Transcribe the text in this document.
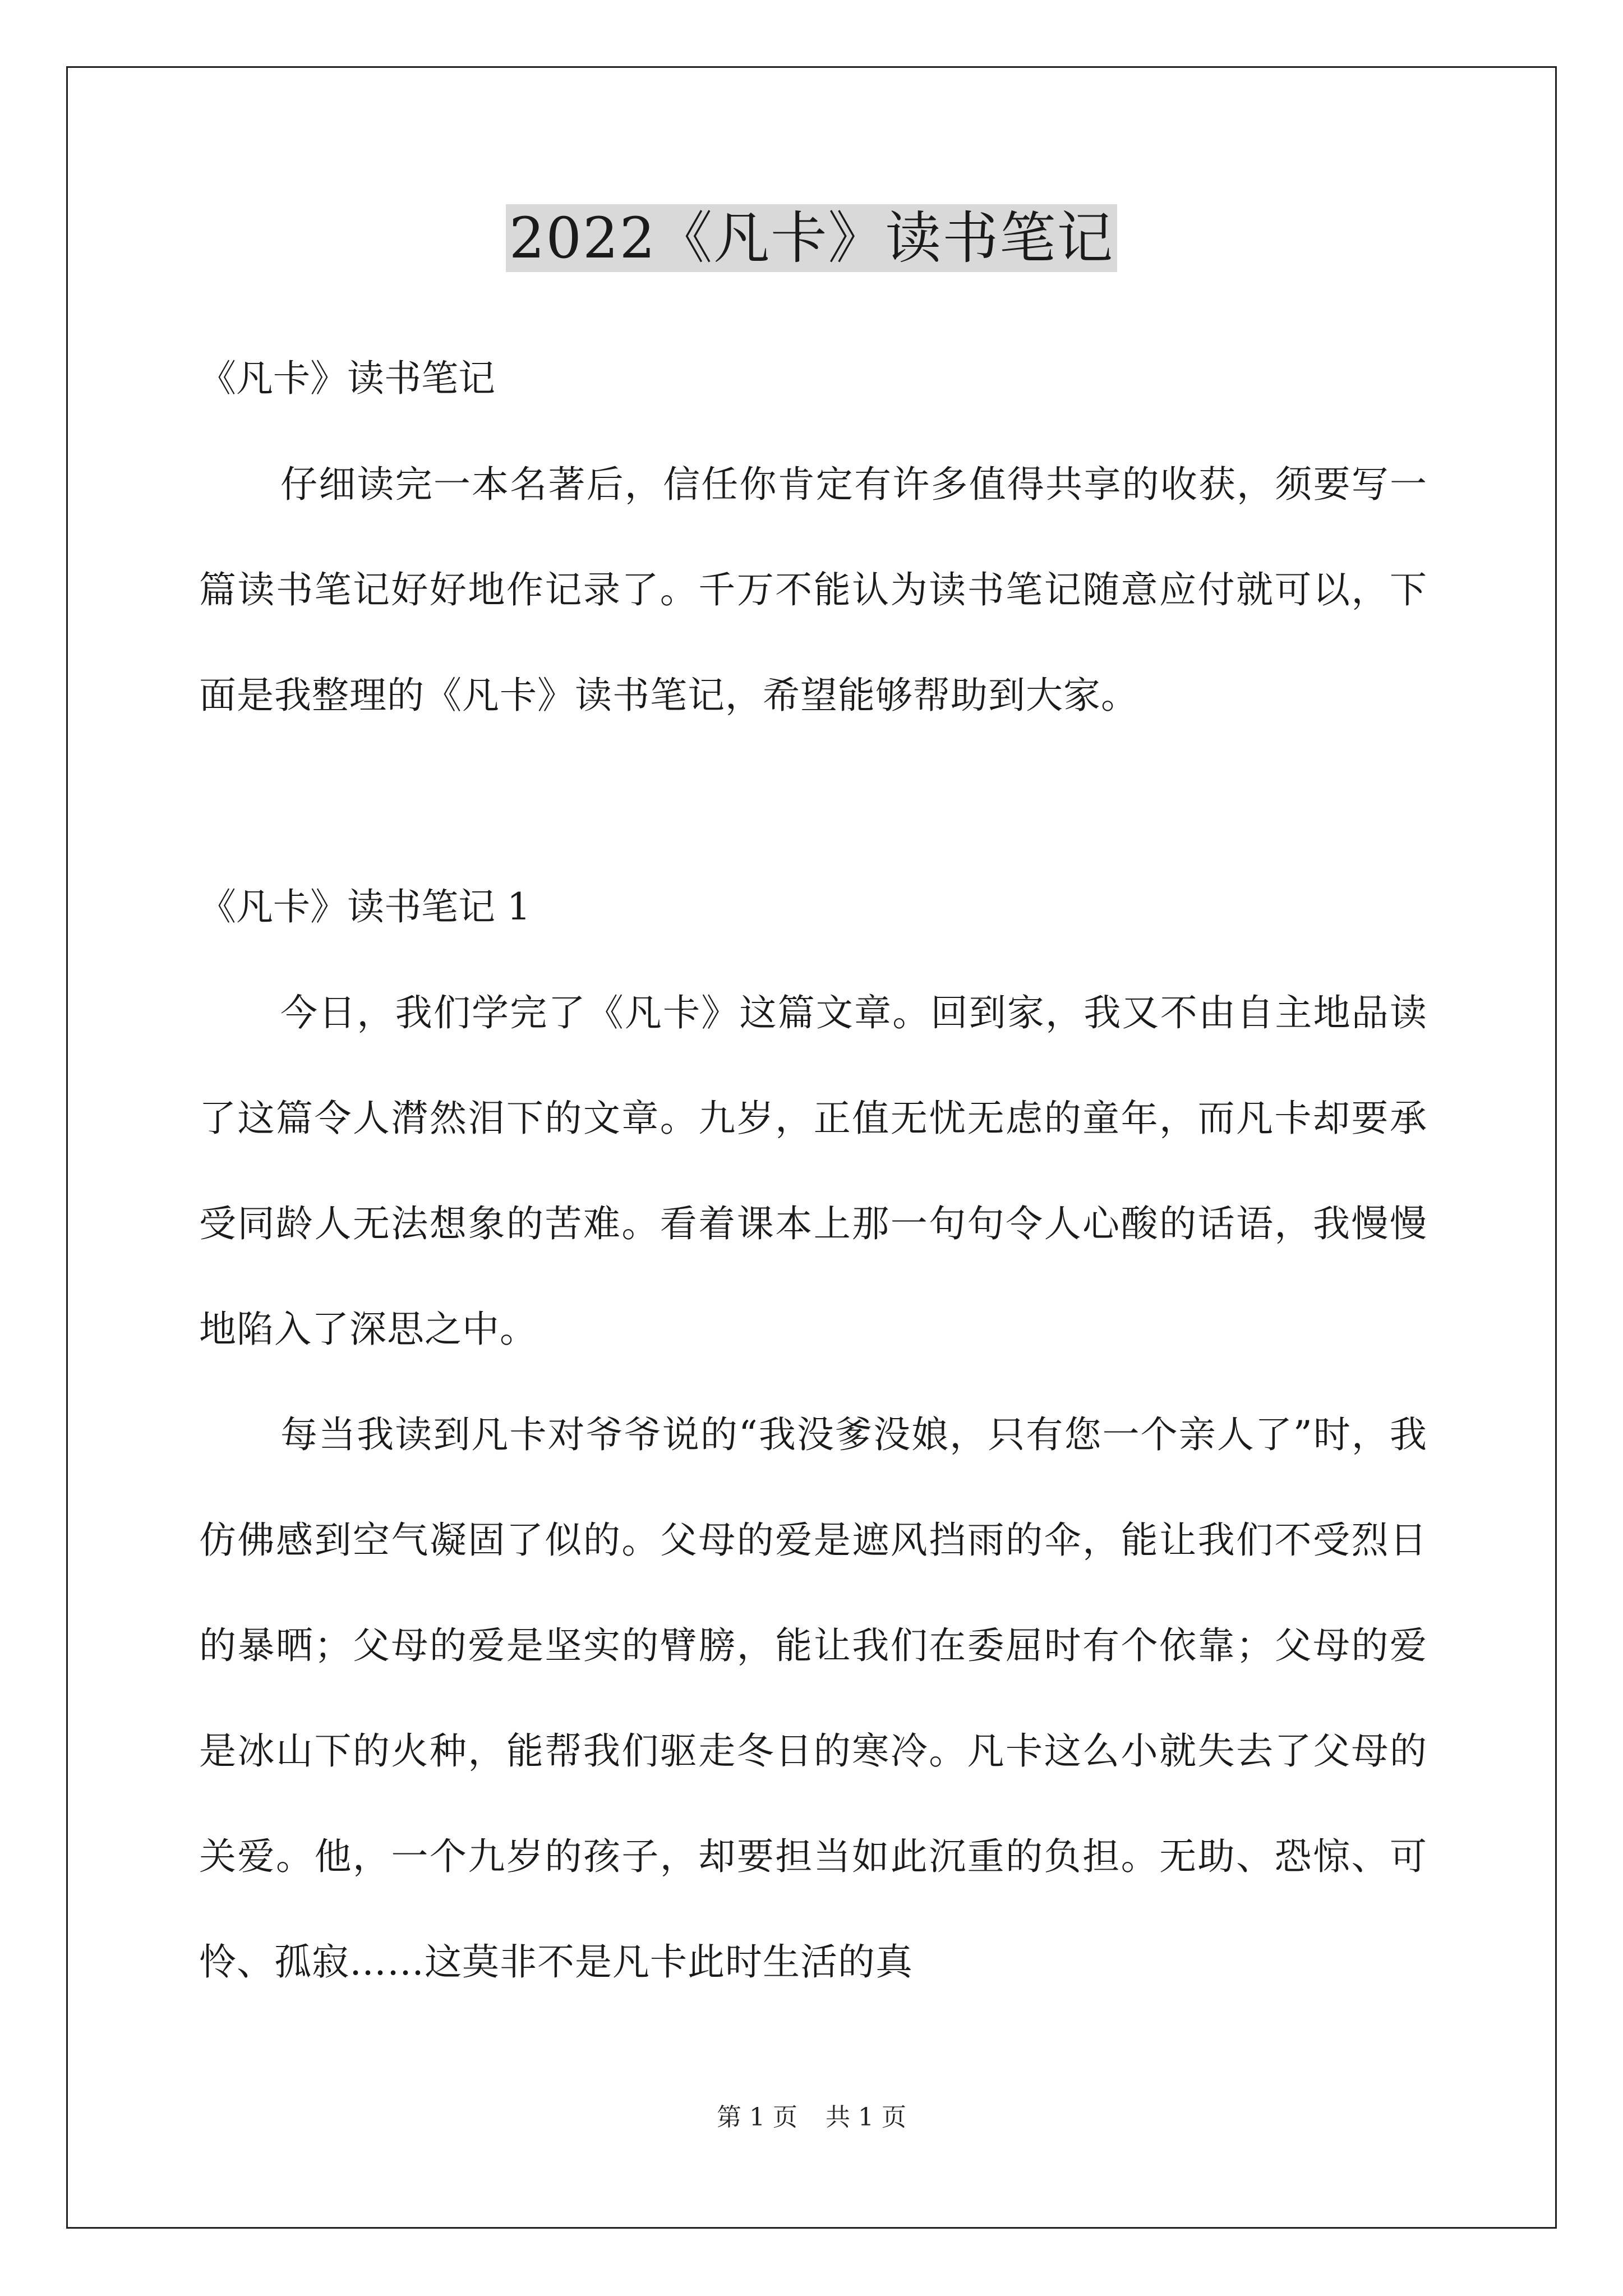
2022《凡卡》读书笔记

《凡卡》读书笔记

仔细读完一本名著后，信任你肯定有许多值得共享的收获，须要写一篇读书笔记好好地作记录了。千万不能认为读书笔记随意应付就可以，下面是我整理的《凡卡》读书笔记，希望能够帮助到大家。

《凡卡》读书笔记 1

今日，我们学完了《凡卡》这篇文章。回到家，我又不由自主地品读了这篇令人潸然泪下的文章。九岁，正值无忧无虑的童年，而凡卡却要承受同龄人无法想象的苦难。看着课本上那一句句令人心酸的话语，我慢慢地陷入了深思之中。

每当我读到凡卡对爷爷说的“我没爹没娘，只有您一个亲人了”时，我仿佛感到空气凝固了似的。父母的爱是遮风挡雨的伞，能让我们不受烈日的暴晒；父母的爱是坚实的臂膀，能让我们在委屈时有个依靠；父母的爱是冰山下的火种，能帮我们驱走冬日的寒冷。凡卡这么小就失去了父母的关爱。他，一个九岁的孩子，却要担当如此沉重的负担。无助、恐惊、可怜、孤寂……这莫非不是凡卡此时生活的真

第 1 页 共 1 页
